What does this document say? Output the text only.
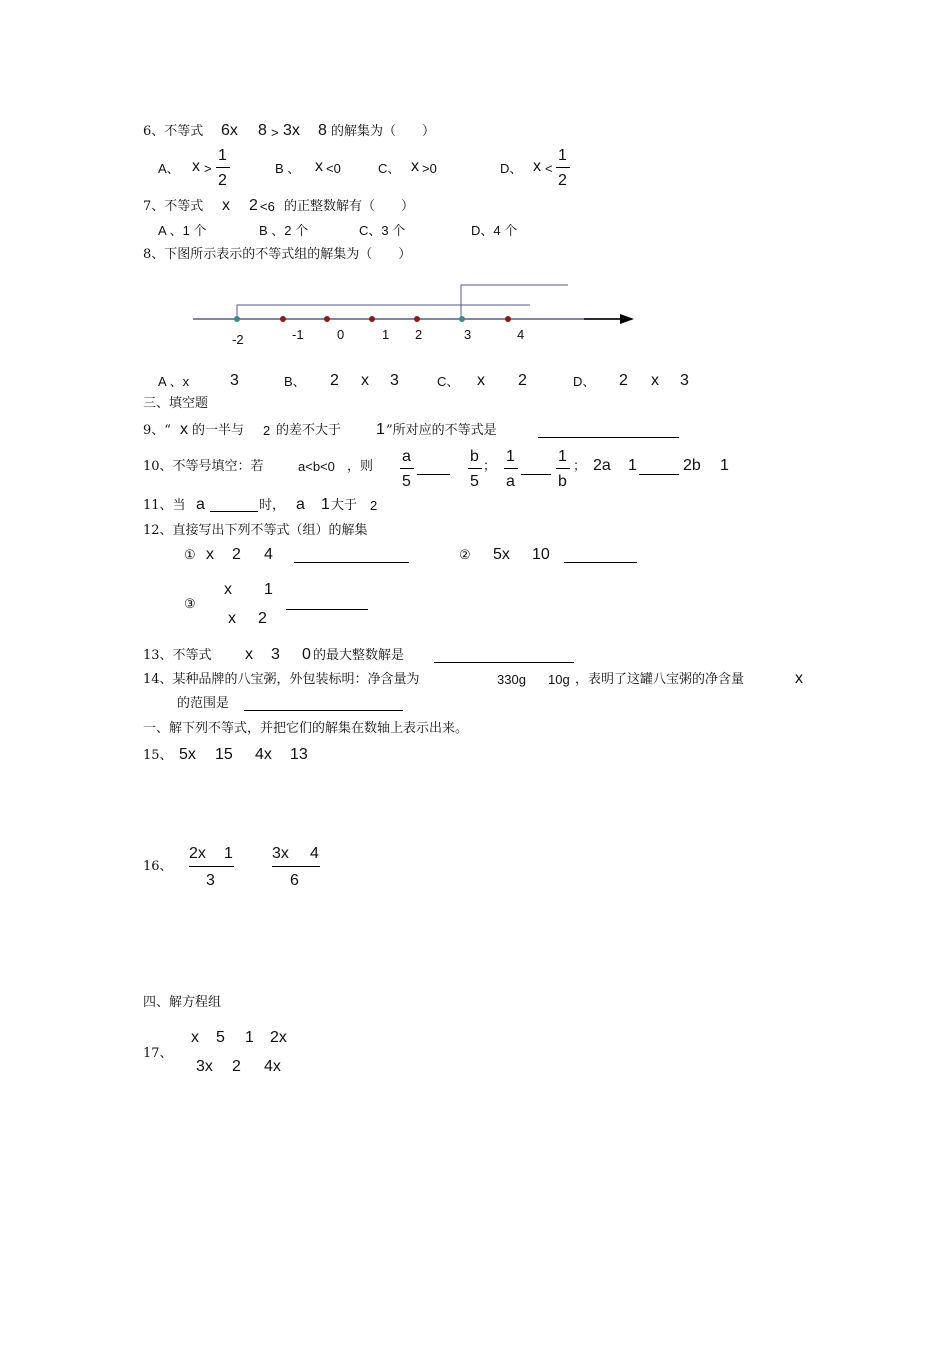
6、不等式 6x 8 > 3x 8 的解集为（　　）
A、 x >
1
2
B 、 x <0	C、 x >0	D、 x <
1
2
7、不等式 x 2 <6 的正整数解有（　　）
A 、1 个	B 、2 个	C、3 个	D、4 个
8、下图所示表示的不等式组的解集为（　　）
-2	-1	0	1 2	3	4
A 、x	3	B、 2 x 3	C、 x 2	D、 2 x 3
三、填空题
9、“ x 的一半与 2 的差不大于 1 ”所对应的不等式是
10、不等号填空：若	a<b<0 ，则
a
5
b
5
；
1
a
1
b
； 2a 1	2b 1
11、当 a	时， a 1 大于 2
12、直接写出下列不等式（组）的解集
① x 2 4	② 5x 10
③
x 1
x 2
13、不等式 x 3 0 的最大整数解是
14、某种品牌的八宝粥，外包装标明：净含量为	330g 10g ，表明了这罐八宝粥的净含量	x
的范围是
一、解下列不等式，并把它们的解集在数轴上表示出来。
15、 5x 15 4x 13
16、
2x 1
3
3x 4
6
四、解方程组
17、
x 5 1 2x
3x 2 4x
